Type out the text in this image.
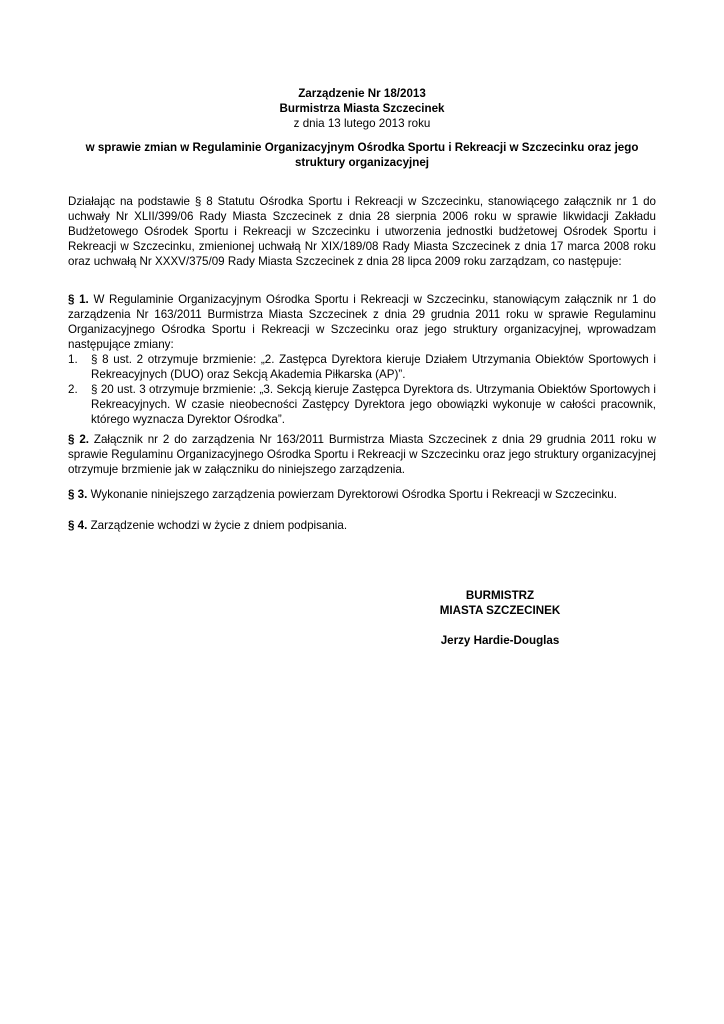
Zarządzenie Nr 18/2013
Burmistrza Miasta Szczecinek
z dnia 13 lutego 2013 roku
w sprawie zmian w Regulaminie Organizacyjnym Ośrodka Sportu i Rekreacji w Szczecinku oraz jego struktury organizacyjnej
Działając na podstawie § 8 Statutu Ośrodka Sportu i Rekreacji w Szczecinku, stanowiącego załącznik nr 1 do uchwały Nr XLII/399/06 Rady Miasta Szczecinek z dnia 28 sierpnia 2006 roku w sprawie likwidacji Zakładu Budżetowego Ośrodek Sportu i Rekreacji w Szczecinku i utworzenia jednostki budżetowej Ośrodek Sportu i Rekreacji w Szczecinku, zmienionej uchwałą Nr XIX/189/08 Rady Miasta Szczecinek z dnia 17 marca 2008 roku oraz uchwałą Nr XXXV/375/09 Rady Miasta Szczecinek z dnia 28 lipca 2009 roku zarządzam, co następuje:
§ 1. W Regulaminie Organizacyjnym Ośrodka Sportu i Rekreacji w Szczecinku, stanowiącym załącznik nr 1 do zarządzenia Nr 163/2011 Burmistrza Miasta Szczecinek z dnia 29 grudnia 2011 roku w sprawie Regulaminu Organizacyjnego Ośrodka Sportu i Rekreacji w Szczecinku oraz jego struktury organizacyjnej, wprowadzam następujące zmiany:
1. § 8 ust. 2 otrzymuje brzmienie: „2. Zastępca Dyrektora kieruje Działem Utrzymania Obiektów Sportowych i Rekreacyjnych (DUO) oraz Sekcją Akademia Piłkarska (AP)”.
2. § 20 ust. 3 otrzymuje brzmienie: „3. Sekcją kieruje Zastępca Dyrektora ds. Utrzymania Obiektów Sportowych i Rekreacyjnych. W czasie nieobecności Zastępcy Dyrektora jego obowiązki wykonuje w całości pracownik, którego wyznacza Dyrektor Ośrodka”.
§ 2. Załącznik nr 2 do zarządzenia Nr 163/2011 Burmistrza Miasta Szczecinek z dnia 29 grudnia 2011 roku w sprawie Regulaminu Organizacyjnego Ośrodka Sportu i Rekreacji w Szczecinku oraz jego struktury organizacyjnej otrzymuje brzmienie jak w załączniku do niniejszego zarządzenia.
§ 3. Wykonanie niniejszego zarządzenia powierzam Dyrektorowi Ośrodka Sportu i Rekreacji w Szczecinku.
§ 4. Zarządzenie wchodzi w życie z dniem podpisania.
BURMISTRZ
MIASTA SZCZECINEK
Jerzy Hardie-Douglas
